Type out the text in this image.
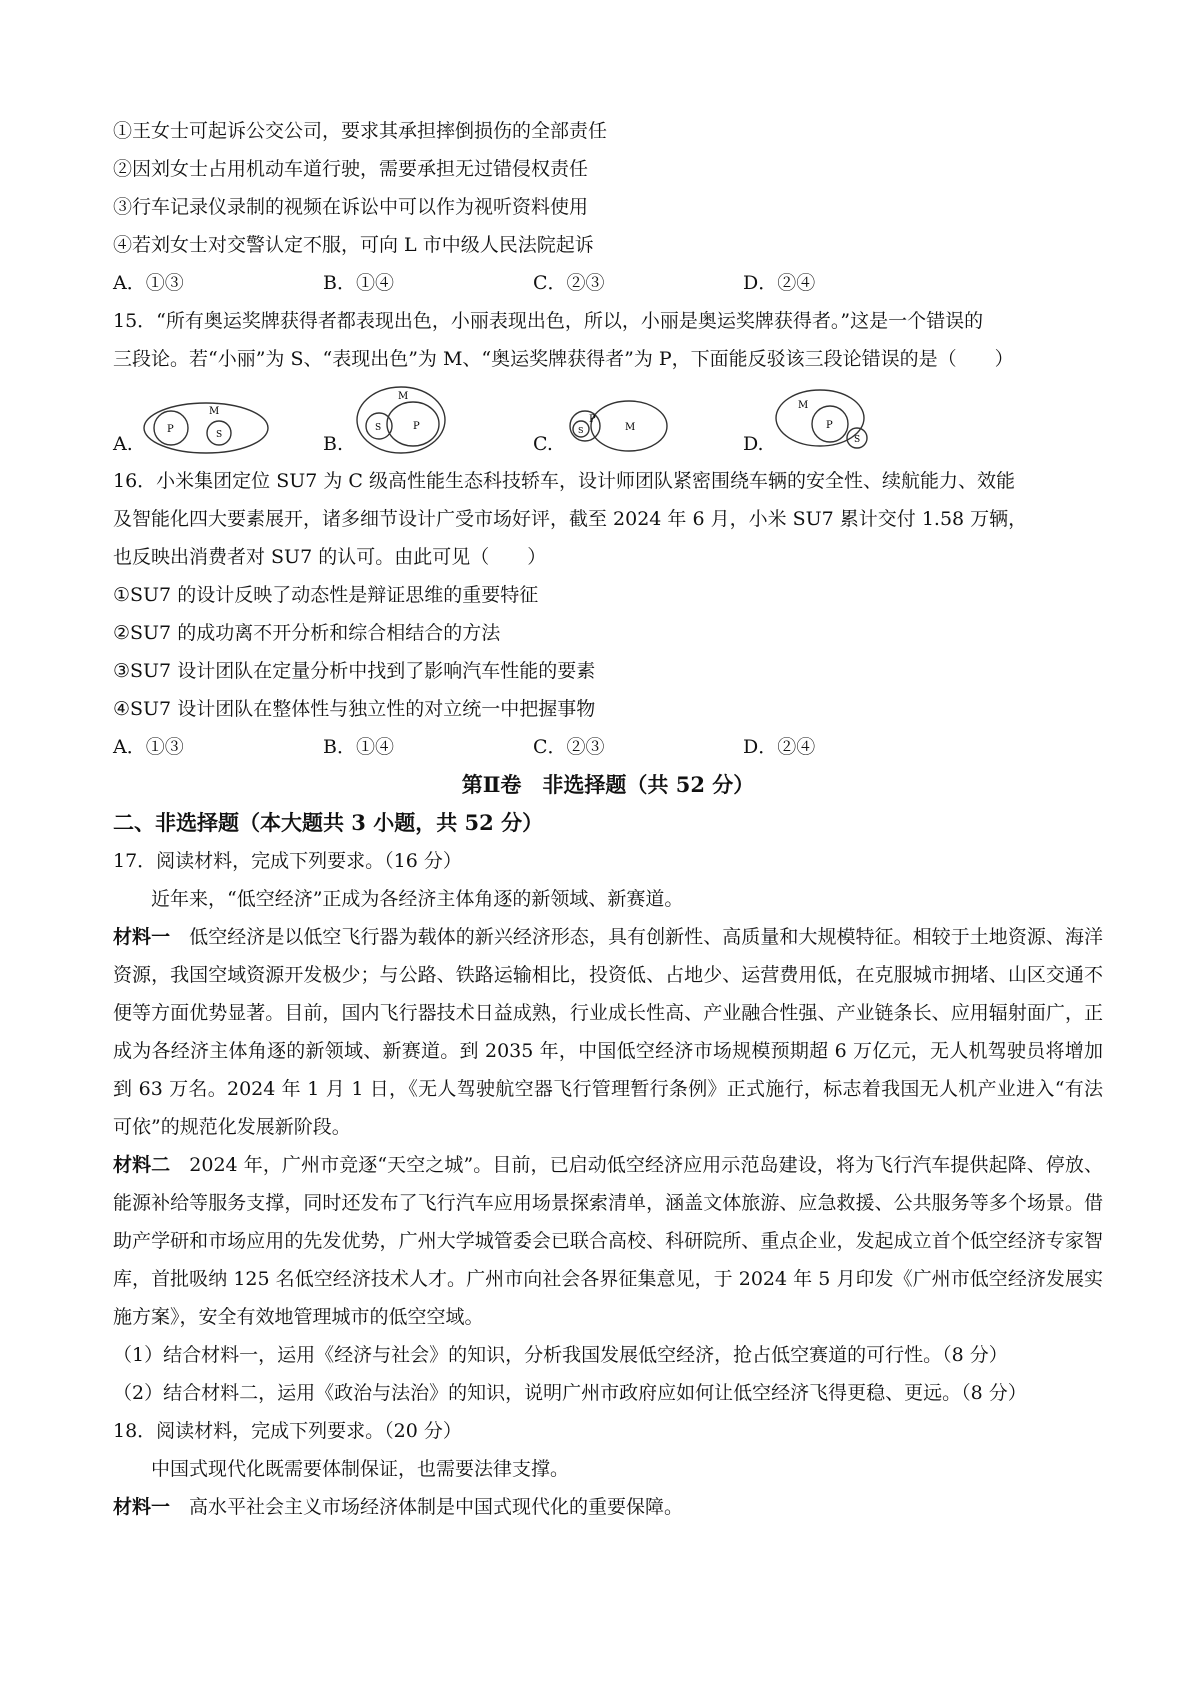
①王女士可起诉公交公司，要求其承担摔倒损伤的全部责任
②因刘女士占用机动车道行驶，需要承担无过错侵权责任
③行车记录仪录制的视频在诉讼中可以作为视听资料使用
④若刘女士对交警认定不服，可向 L 市中级人民法院起诉
A．①③	B．①④	C．②③	D．②④
15．“所有奥运奖牌获得者都表现出色，小丽表现出色，所以，小丽是奥运奖牌获得者。”这是一个错误的
三段论。若“小丽”为 S、“表现出色”为 M、“奥运奖牌获得者”为 P，下面能反驳该三段论错误的是（　　）
A.
P
M
S	B.
M
P
S
C.
P
S	M
D.
M
P
S
16．小米集团定位 SU7 为 C 级高性能生态科技轿车，设计师团队紧密围绕车辆的安全性、续航能力、效能
及智能化四大要素展开，诸多细节设计广受市场好评，截至 2024 年 6 月，小米 SU7 累计交付 1.58 万辆，
也反映出消费者对 SU7 的认可。由此可见（　　）
①SU7 的设计反映了动态性是辩证思维的重要特征
②SU7 的成功离不开分析和综合相结合的方法
③SU7 设计团队在定量分析中找到了影响汽车性能的要素
④SU7 设计团队在整体性与独立性的对立统一中把握事物
A．①③	B．①④	C．②③	D．②④
第Ⅱ卷　非选择题（共 52 分）
二、非选择题（本大题共 3 小题，共 52 分）
17．阅读材料，完成下列要求。（16 分）
近年来，“低空经济”正成为各经济主体角逐的新领域、新赛道。
材料一  低空经济是以低空飞行器为载体的新兴经济形态，具有创新性、高质量和大规模特征。相较于土地资源、海洋资源，我国空域资源开发极少；与公路、铁路运输相比，投资低、占地少、运营费用低，在克服城市拥堵、山区交通不便等方面优势显著。目前，国内飞行器技术日益成熟，行业成长性高、产业融合性强、产业链条长、应用辐射面广，正成为各经济主体角逐的新领域、新赛道。到 2035 年，中国低空经济市场规模预期超 6 万亿元，无人机驾驶员将增加到 63 万名。2024 年 1 月 1 日，《无人驾驶航空器飞行管理暂行条例》正式施行，标志着我国无人机产业进入“有法可依”的规范化发展新阶段。
材料二  2024 年，广州市竞逐“天空之城”。目前，已启动低空经济应用示范岛建设，将为飞行汽车提供起降、停放、能源补给等服务支撑，同时还发布了飞行汽车应用场景探索清单，涵盖文体旅游、应急救援、公共服务等多个场景。借助产学研和市场应用的先发优势，广州大学城管委会已联合高校、科研院所、重点企业，发起成立首个低空经济专家智库，首批吸纳 125 名低空经济技术人才。广州市向社会各界征集意见，于 2024 年 5 月印发《广州市低空经济发展实施方案》，安全有效地管理城市的低空空域。
（1）结合材料一，运用《经济与社会》的知识，分析我国发展低空经济，抢占低空赛道的可行性。（8 分）
（2）结合材料二，运用《政治与法治》的知识，说明广州市政府应如何让低空经济飞得更稳、更远。（8 分）
18．阅读材料，完成下列要求。（20 分）
中国式现代化既需要体制保证，也需要法律支撑。
材料一  高水平社会主义市场经济体制是中国式现代化的重要保障。
